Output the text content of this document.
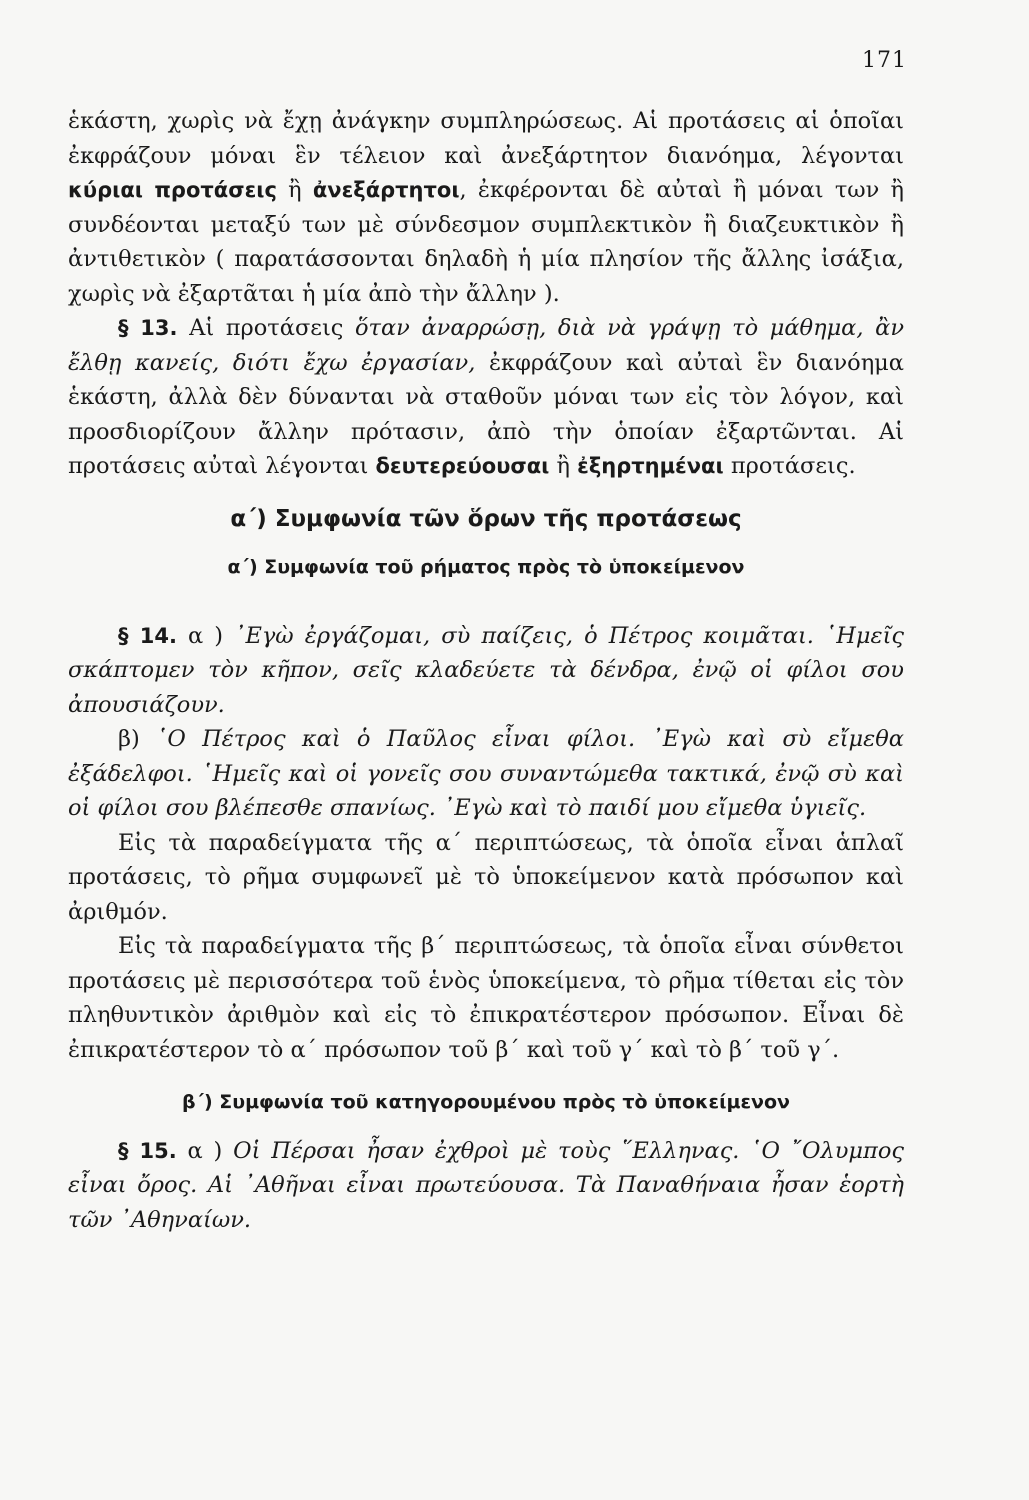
171

ἑκάστη, χωρὶς νὰ ἔχῃ ἀνάγκην συμπληρώσεως. Αἱ προτάσεις αἱ ὁποῖαι ἐκφράζουν μόναι ἓν τέλειον καὶ ἀνεξάρτητον διανόημα, λέγονται κύριαι προτάσεις ἢ ἀνεξάρτητοι, ἐκφέρονται δὲ αὐταὶ ἢ μόναι των ἢ συνδέονται μεταξύ των μὲ σύνδεσμον συμπλεκτικὸν ἢ διαζευκτικὸν ἢ ἀντιθετικὸν ( παρατάσσονται δηλαδὴ ἡ μία πλησίον τῆς ἄλλης ἰσάξια, χωρὶς νὰ ἐξαρτᾶται ἡ μία ἀπὸ τὴν ἄλλην ).

§ 13. Αἱ προτάσεις ὅταν ἀναρρώσῃ, διὰ νὰ γράψῃ τὸ μάθημα, ἂν ἔλθῃ κανείς, διότι ἔχω ἐργασίαν, ἐκφράζουν καὶ αὐταὶ ἓν διανόημα ἑκάστη, ἀλλὰ δὲν δύνανται νὰ σταθοῦν μόναι των εἰς τὸν λόγον, καὶ προσδιορίζουν ἄλλην πρότασιν, ἀπὸ τὴν ὁποίαν ἐξαρτῶνται. Αἱ προτάσεις αὐταὶ λέγονται δευτερεύουσαι ἢ ἐξηρτημέναι προτάσεις.

α΄) Συμφωνία τῶν ὅρων τῆς προτάσεως
α΄) Συμφωνία τοῦ ρήματος πρὸς τὸ ὑποκείμενον

§ 14. α ) ᾿Εγὼ ἐργάζομαι, σὺ παίζεις, ὁ Πέτρος κοιμᾶται. ῾Ημεῖς σκάπτομεν τὸν κῆπον, σεῖς κλαδεύετε τὰ δένδρα, ἐνῷ οἱ φίλοι σου ἀπουσιάζουν.

β) ῾Ο Πέτρος καὶ ὁ Παῦλος εἶναι φίλοι. ᾿Εγὼ καὶ σὺ εἴμεθα ἐξάδελφοι. ῾Ημεῖς καὶ οἱ γονεῖς σου συναντώμεθα τακτικά, ἐνῷ σὺ καὶ οἱ φίλοι σου βλέπεσθε σπανίως. ᾿Εγὼ καὶ τὸ παιδί μου εἴμεθα ὑγιεῖς.

Εἰς τὰ παραδείγματα τῆς α΄ περιπτώσεως, τὰ ὁποῖα εἶναι ἁπλαῖ προτάσεις, τὸ ρῆμα συμφωνεῖ μὲ τὸ ὑποκείμενον κατὰ πρόσωπον καὶ ἀριθμόν.

Εἰς τὰ παραδείγματα τῆς β΄ περιπτώσεως, τὰ ὁποῖα εἶναι σύνθετοι προτάσεις μὲ περισσότερα τοῦ ἑνὸς ὑποκείμενα, τὸ ρῆμα τίθεται εἰς τὸν πληθυντικὸν ἀριθμὸν καὶ εἰς τὸ ἐπικρατέστερον πρόσωπον. Εἶναι δὲ ἐπικρατέστερον τὸ α΄ πρόσωπον τοῦ β΄ καὶ τοῦ γ΄ καὶ τὸ β΄ τοῦ γ΄.

β΄) Συμφωνία τοῦ κατηγορουμένου πρὸς τὸ ὑποκείμενον

§ 15. α ) Οἱ Πέρσαι ἦσαν ἐχθροὶ μὲ τοὺς ῞Ελληνας. ῾Ο ῎Ολυμπος εἶναι ὄρος. Αἱ ᾿Αθῆναι εἶναι πρωτεύουσα. Τὰ Παναθήναια ἦσαν ἑορτὴ τῶν ᾿Αθηναίων.
